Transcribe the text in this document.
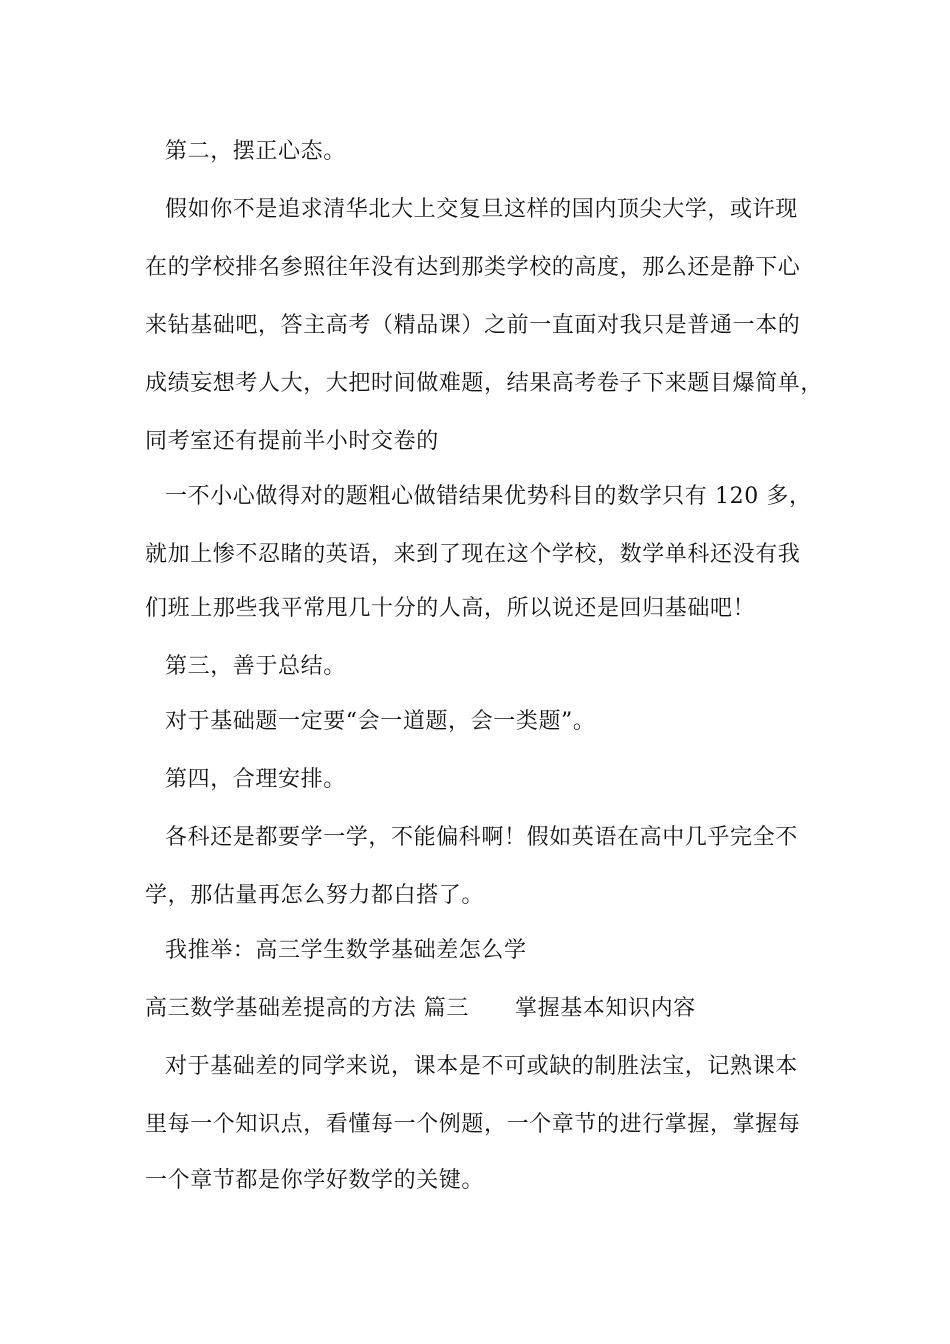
第二，摆正心态。
假如你不是追求清华北大上交复旦这样的国内顶尖大学，或许现
在的学校排名参照往年没有达到那类学校的高度，那么还是静下心
来钻基础吧，答主高考（精品课）之前一直面对我只是普通一本的
成绩妄想考人大，大把时间做难题，结果高考卷子下来题目爆简单，
同考室还有提前半小时交卷的
一不小心做得对的题粗心做错结果优势科目的数学只有 120 多，
就加上惨不忍睹的英语，来到了现在这个学校，数学单科还没有我
们班上那些我平常甩几十分的人高，所以说还是回归基础吧！
第三，善于总结。
对于基础题一定要“会一道题，会一类题”。
第四，合理安排。
各科还是都要学一学，不能偏科啊！假如英语在高中几乎完全不
学，那估量再怎么努力都白搭了。
我推举：高三学生数学基础差怎么学
高三数学基础差提高的方法 篇三 掌握基本知识内容
对于基础差的同学来说，课本是不可或缺的制胜法宝，记熟课本
里每一个知识点，看懂每一个例题，一个章节的进行掌握，掌握每
一个章节都是你学好数学的关键。
